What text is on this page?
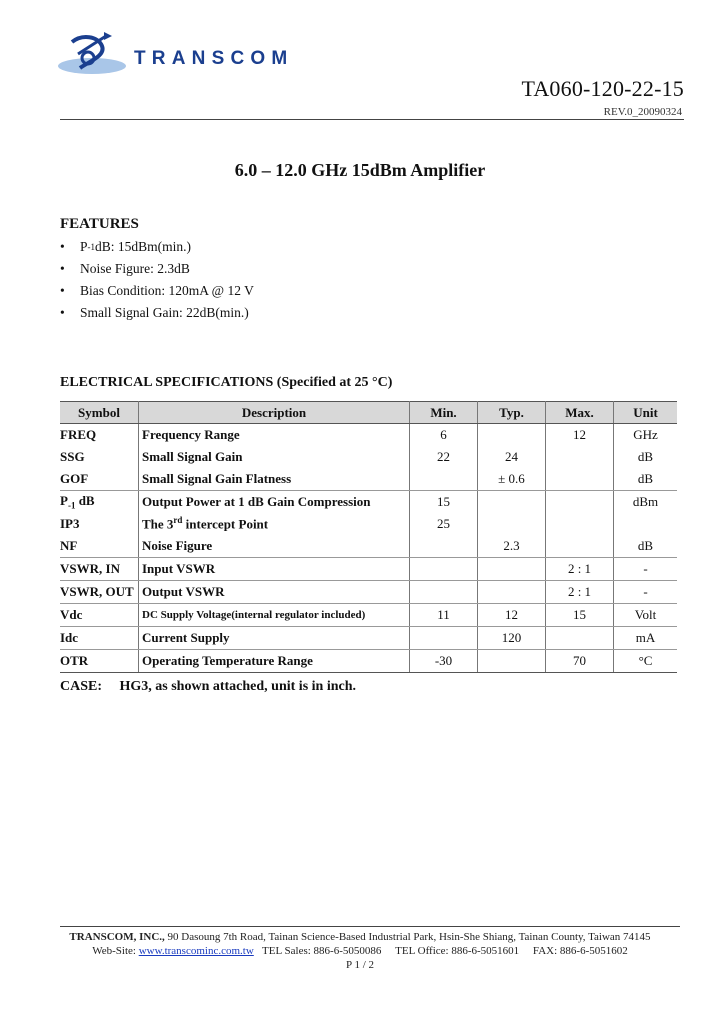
TRANSCOM
TA060-120-22-15
REV.0_20090324
6.0 – 12.0 GHz 15dBm Amplifier
FEATURES
•	P -1 dB: 15dBm(min.)
•	Noise Figure: 2.3dB
•	Bias Condition: 120mA @ 12 V
•	Small Signal Gain: 22dB(min.)
ELECTRICAL SPECIFICATIONS (Specified at 25 °C)
Symbol	Description	Min.	Typ.	Max.	Unit
FREQ	Frequency Range	6		12	GHz
SSG	Small Signal Gain	22	24		dB
GOF	Small Signal Gain Flatness		± 0.6		dB
$P_{-1}$ dB	Output Power at 1 dB Gain Compression	15			dBm
IP3	The 3rd intercept Point	25			
NF	Noise Figure		2.3		dB
VSWR, IN	Input VSWR			2 : 1	-
VSWR, OUT	Output VSWR			2 : 1	-
Vdc	DC Supply Voltage(internal regulator included)	11	12	15	Volt
Idc	Current Supply		120		mA
OTR	Operating Temperature Range	-30		70	°C
CASE: HG3, as shown attached, unit is in inch.
TRANSCOM, INC., 90 Dasoung 7th Road, Tainan Science-Based Industrial Park, Hsin-She Shiang, Tainan County, Taiwan 74145
Web-Site: www.transcominc.com.tw TEL Sales: 886-6-5050086 TEL Office: 886-6-5051601 FAX: 886-6-5051602
P 1 / 2
